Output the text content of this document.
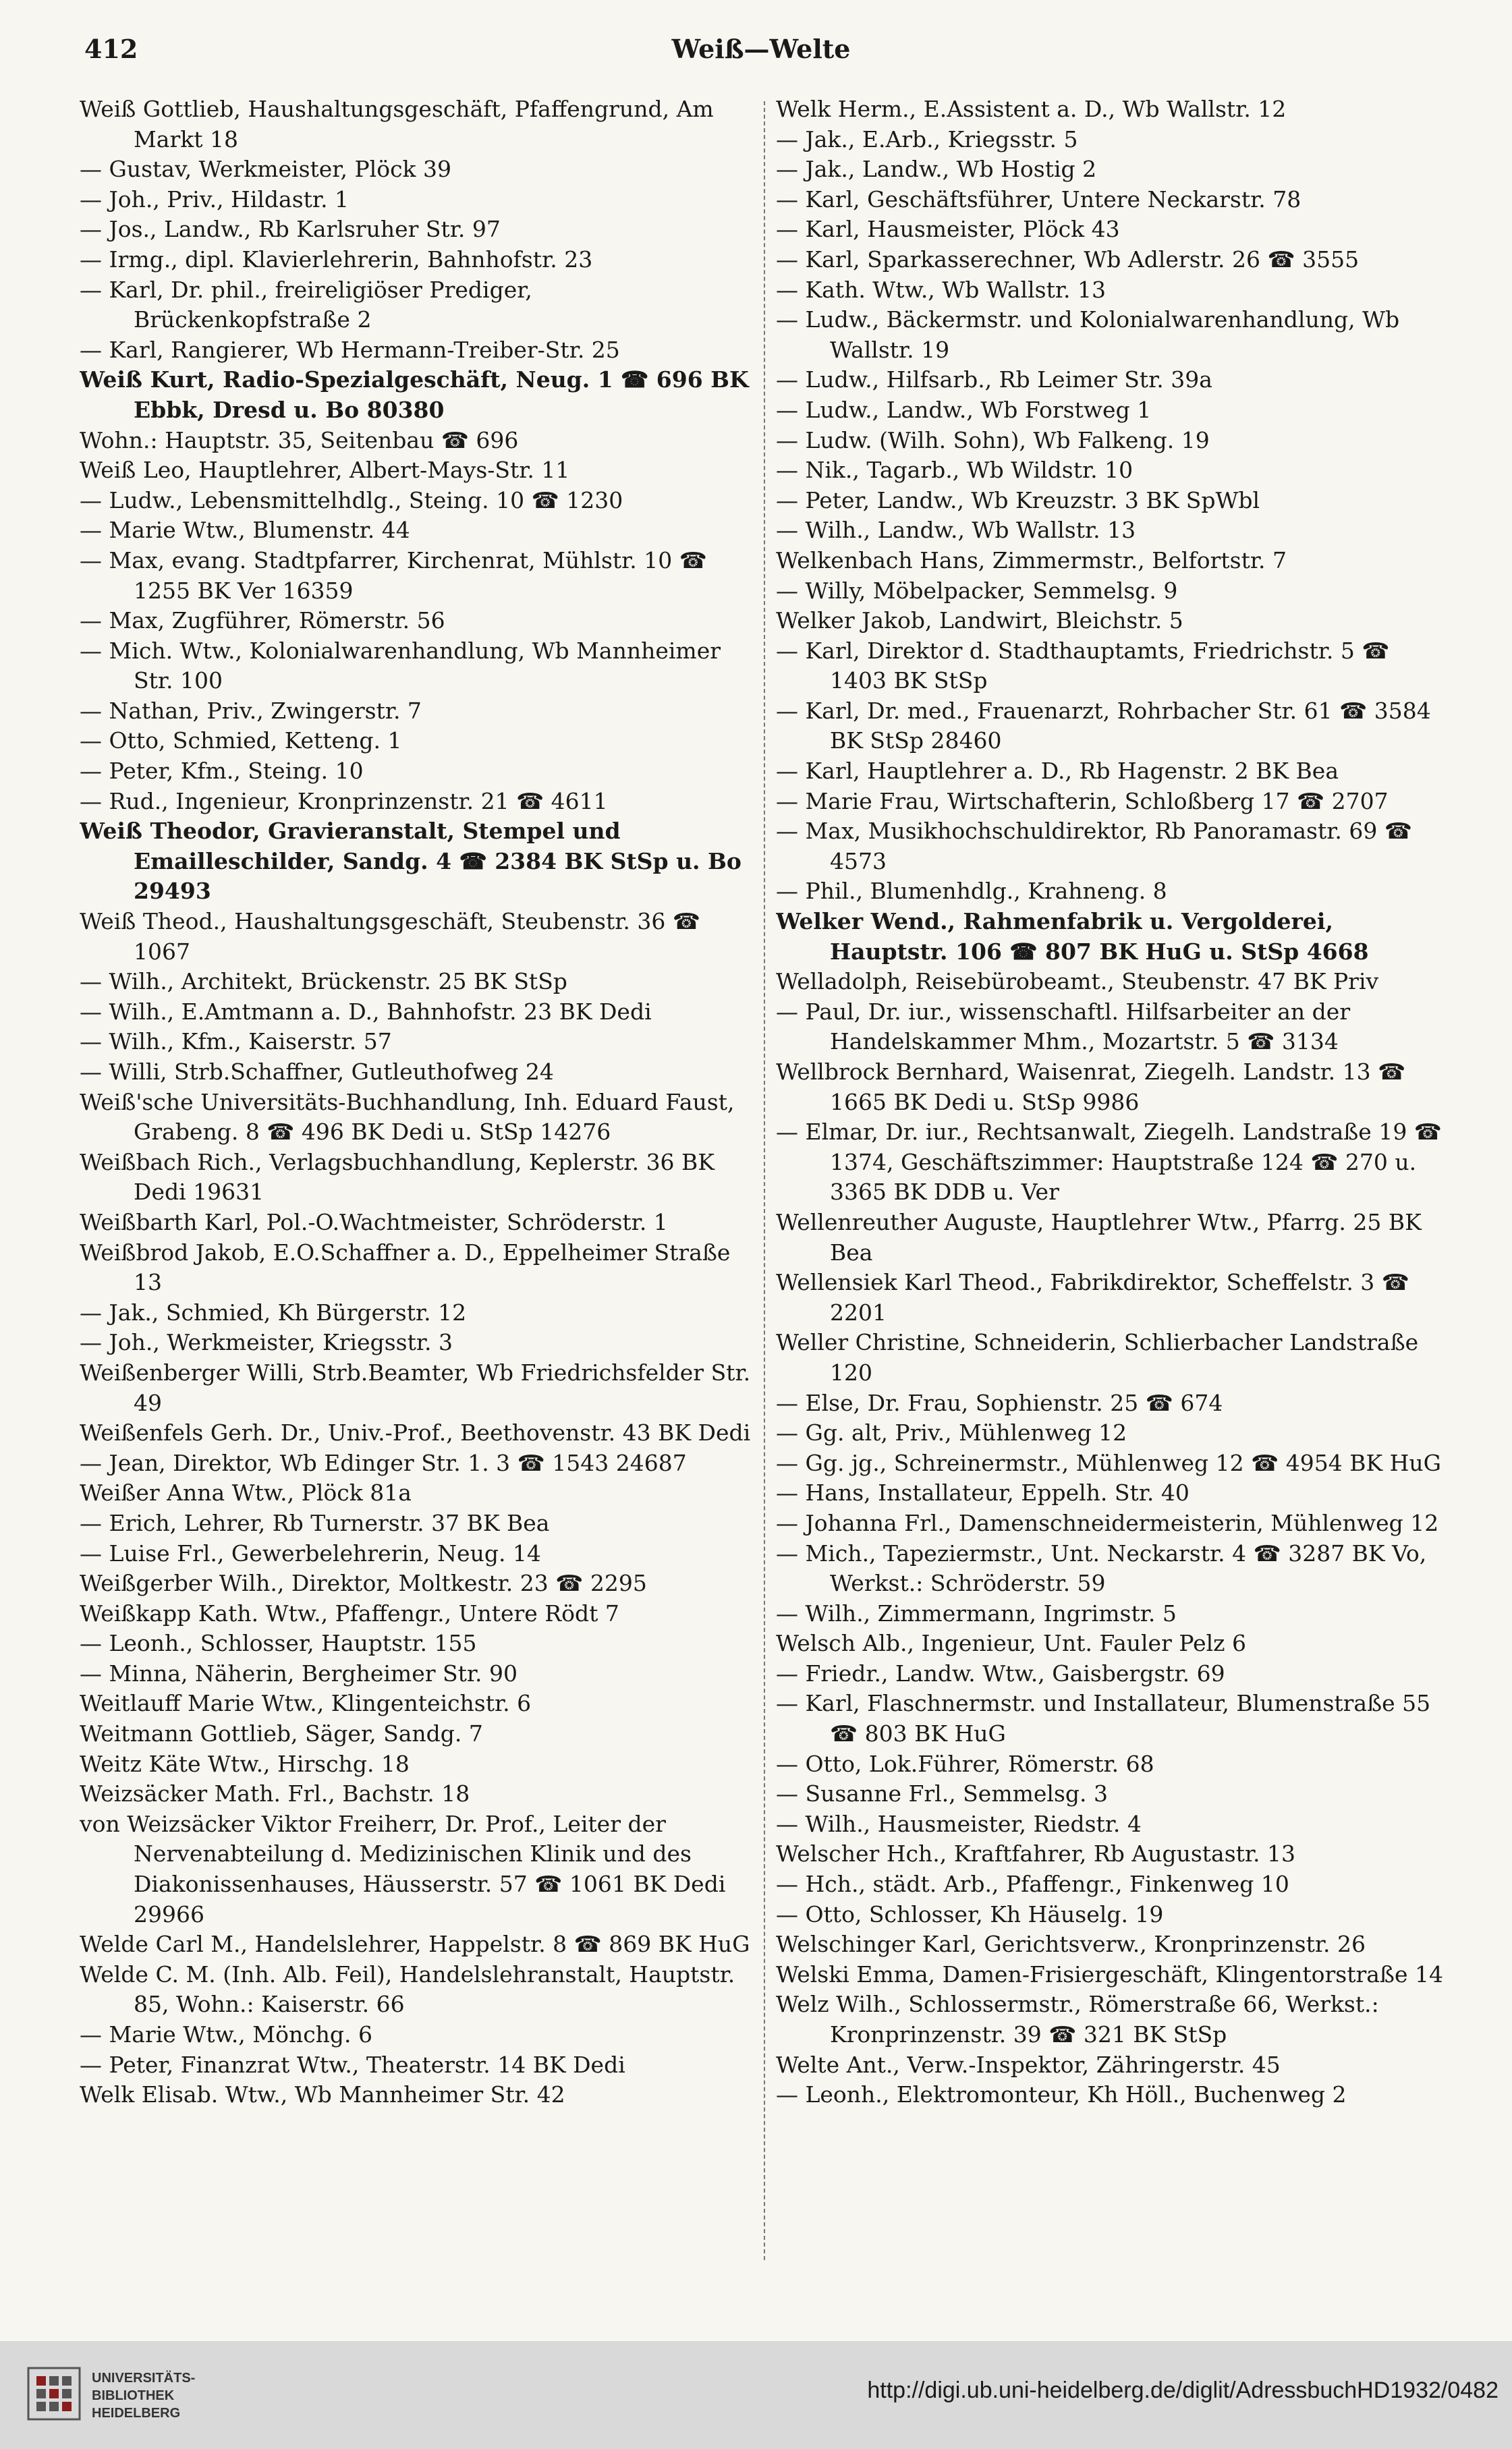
412	Weiß—Welte

Weiß Gottlieb, Haushaltungsgeschäft, Pfaffengrund, Am Markt 18

— Gustav, Werkmeister, Plöck 39

— Joh., Priv., Hildastr. 1

— Jos., Landw., Rb Karlsruher Str. 97

— Irmg., dipl. Klavierlehrerin, Bahnhofstr. 23

— Karl, Dr. phil., freireligiöser Prediger, Brückenkopfstraße 2

— Karl, Rangierer, Wb Hermann-Treiber-Str. 25

Weiß Kurt, Radio-Spezialgeschäft, Neug. 1 ☎ 696 BK Ebbk, Dresd u. Bo 80380

Wohn.: Hauptstr. 35, Seitenbau ☎ 696

Weiß Leo, Hauptlehrer, Albert-Mays-Str. 11

— Ludw., Lebensmittelhdlg., Steing. 10 ☎ 1230

— Marie Wtw., Blumenstr. 44

— Max, evang. Stadtpfarrer, Kirchenrat, Mühlstr. 10 ☎ 1255 BK Ver 16359

— Max, Zugführer, Römerstr. 56

— Mich. Wtw., Kolonialwarenhandlung, Wb Mannheimer Str. 100

— Nathan, Priv., Zwingerstr. 7

— Otto, Schmied, Ketteng. 1

— Peter, Kfm., Steing. 10

— Rud., Ingenieur, Kronprinzenstr. 21 ☎ 4611

Weiß Theodor, Gravieranstalt, Stempel und Emailleschilder, Sandg. 4 ☎ 2384 BK StSp u. Bo 29493

Weiß Theod., Haushaltungsgeschäft, Steubenstr. 36 ☎ 1067

— Wilh., Architekt, Brückenstr. 25 BK StSp

— Wilh., E.Amtmann a. D., Bahnhofstr. 23 BK Dedi

— Wilh., Kfm., Kaiserstr. 57

— Willi, Strb.Schaffner, Gutleuthofweg 24

Weiß'sche Universitäts-Buchhandlung, Inh. Eduard Faust, Grabeng. 8 ☎ 496 BK Dedi u. StSp 14276

Weißbach Rich., Verlagsbuchhandlung, Keplerstr. 36 BK Dedi 19631

Weißbarth Karl, Pol.-O.Wachtmeister, Schröderstr. 1

Weißbrod Jakob, E.O.Schaffner a. D., Eppelheimer Straße 13

— Jak., Schmied, Kh Bürgerstr. 12

— Joh., Werkmeister, Kriegsstr. 3

Weißenberger Willi, Strb.Beamter, Wb Friedrichsfelder Str. 49

Weißenfels Gerh. Dr., Univ.-Prof., Beethovenstr. 43 BK Dedi

— Jean, Direktor, Wb Edinger Str. 1. 3 ☎ 1543 24687

Weißer Anna Wtw., Plöck 81a

— Erich, Lehrer, Rb Turnerstr. 37 BK Bea

— Luise Frl., Gewerbelehrerin, Neug. 14

Weißgerber Wilh., Direktor, Moltkestr. 23 ☎ 2295

Weißkapp Kath. Wtw., Pfaffengr., Untere Rödt 7

— Leonh., Schlosser, Hauptstr. 155

— Minna, Näherin, Bergheimer Str. 90

Weitlauff Marie Wtw., Klingenteichstr. 6

Weitmann Gottlieb, Säger, Sandg. 7

Weitz Käte Wtw., Hirschg. 18

Weizsäcker Math. Frl., Bachstr. 18

von Weizsäcker Viktor Freiherr, Dr. Prof., Leiter der Nervenabteilung d. Medizinischen Klinik und des Diakonissenhauses, Häusserstr. 57 ☎ 1061 BK Dedi 29966

Welde Carl M., Handelslehrer, Happelstr. 8 ☎ 869 BK HuG

Welde C. M. (Inh. Alb. Feil), Handelslehranstalt, Hauptstr. 85, Wohn.: Kaiserstr. 66

— Marie Wtw., Mönchg. 6

— Peter, Finanzrat Wtw., Theaterstr. 14 BK Dedi

Welk Elisab. Wtw., Wb Mannheimer Str. 42

Welk Herm., E.Assistent a. D., Wb Wallstr. 12

— Jak., E.Arb., Kriegsstr. 5

— Jak., Landw., Wb Hostig 2

— Karl, Geschäftsführer, Untere Neckarstr. 78

— Karl, Hausmeister, Plöck 43

— Karl, Sparkasserechner, Wb Adlerstr. 26 ☎ 3555

— Kath. Wtw., Wb Wallstr. 13

— Ludw., Bäckermstr. und Kolonialwarenhandlung, Wb Wallstr. 19

— Ludw., Hilfsarb., Rb Leimer Str. 39a

— Ludw., Landw., Wb Forstweg 1

— Ludw. (Wilh. Sohn), Wb Falkeng. 19

— Nik., Tagarb., Wb Wildstr. 10

— Peter, Landw., Wb Kreuzstr. 3 BK SpWbl

— Wilh., Landw., Wb Wallstr. 13

Welkenbach Hans, Zimmermstr., Belfortstr. 7

— Willy, Möbelpacker, Semmelsg. 9

Welker Jakob, Landwirt, Bleichstr. 5

— Karl, Direktor d. Stadthauptamts, Friedrichstr. 5 ☎ 1403 BK StSp

— Karl, Dr. med., Frauenarzt, Rohrbacher Str. 61 ☎ 3584 BK StSp 28460

— Karl, Hauptlehrer a. D., Rb Hagenstr. 2 BK Bea

— Marie Frau, Wirtschafterin, Schloßberg 17 ☎ 2707

— Max, Musikhochschuldirektor, Rb Panoramastr. 69 ☎ 4573

— Phil., Blumenhdlg., Krahneng. 8

Welker Wend., Rahmenfabrik u. Vergolderei, Hauptstr. 106 ☎ 807 BK HuG u. StSp 4668

Welladolph, Reisebürobeamt., Steubenstr. 47 BK Priv

— Paul, Dr. iur., wissenschaftl. Hilfsarbeiter an der Handelskammer Mhm., Mozartstr. 5 ☎ 3134

Wellbrock Bernhard, Waisenrat, Ziegelh. Landstr. 13 ☎ 1665 BK Dedi u. StSp 9986

— Elmar, Dr. iur., Rechtsanwalt, Ziegelh. Landstraße 19 ☎ 1374, Geschäftszimmer: Hauptstraße 124 ☎ 270 u. 3365 BK DDB u. Ver

Wellenreuther Auguste, Hauptlehrer Wtw., Pfarrg. 25 BK Bea

Wellensiek Karl Theod., Fabrikdirektor, Scheffelstr. 3 ☎ 2201

Weller Christine, Schneiderin, Schlierbacher Landstraße 120

— Else, Dr. Frau, Sophienstr. 25 ☎ 674

— Gg. alt, Priv., Mühlenweg 12

— Gg. jg., Schreinermstr., Mühlenweg 12 ☎ 4954 BK HuG

— Hans, Installateur, Eppelh. Str. 40

— Johanna Frl., Damenschneidermeisterin, Mühlenweg 12

— Mich., Tapeziermstr., Unt. Neckarstr. 4 ☎ 3287 BK Vo, Werkst.: Schröderstr. 59

— Wilh., Zimmermann, Ingrimstr. 5

Welsch Alb., Ingenieur, Unt. Fauler Pelz 6

— Friedr., Landw. Wtw., Gaisbergstr. 69

— Karl, Flaschnermstr. und Installateur, Blumenstraße 55 ☎ 803 BK HuG

— Otto, Lok.Führer, Römerstr. 68

— Susanne Frl., Semmelsg. 3

— Wilh., Hausmeister, Riedstr. 4

Welscher Hch., Kraftfahrer, Rb Augustastr. 13

— Hch., städt. Arb., Pfaffengr., Finkenweg 10

— Otto, Schlosser, Kh Häuselg. 19

Welschinger Karl, Gerichtsverw., Kronprinzenstr. 26

Welski Emma, Damen-Frisiergeschäft, Klingentorstraße 14

Welz Wilh., Schlossermstr., Römerstraße 66, Werkst.: Kronprinzenstr. 39 ☎ 321 BK StSp

Welte Ant., Verw.-Inspektor, Zähringerstr. 45

— Leonh., Elektromonteur, Kh Höll., Buchenweg 2

UNIVERSITÄTS-
BIBLIOTHEK
HEIDELBERG
http://digi.ub.uni-heidelberg.de/diglit/AdressbuchHD1932/0482
